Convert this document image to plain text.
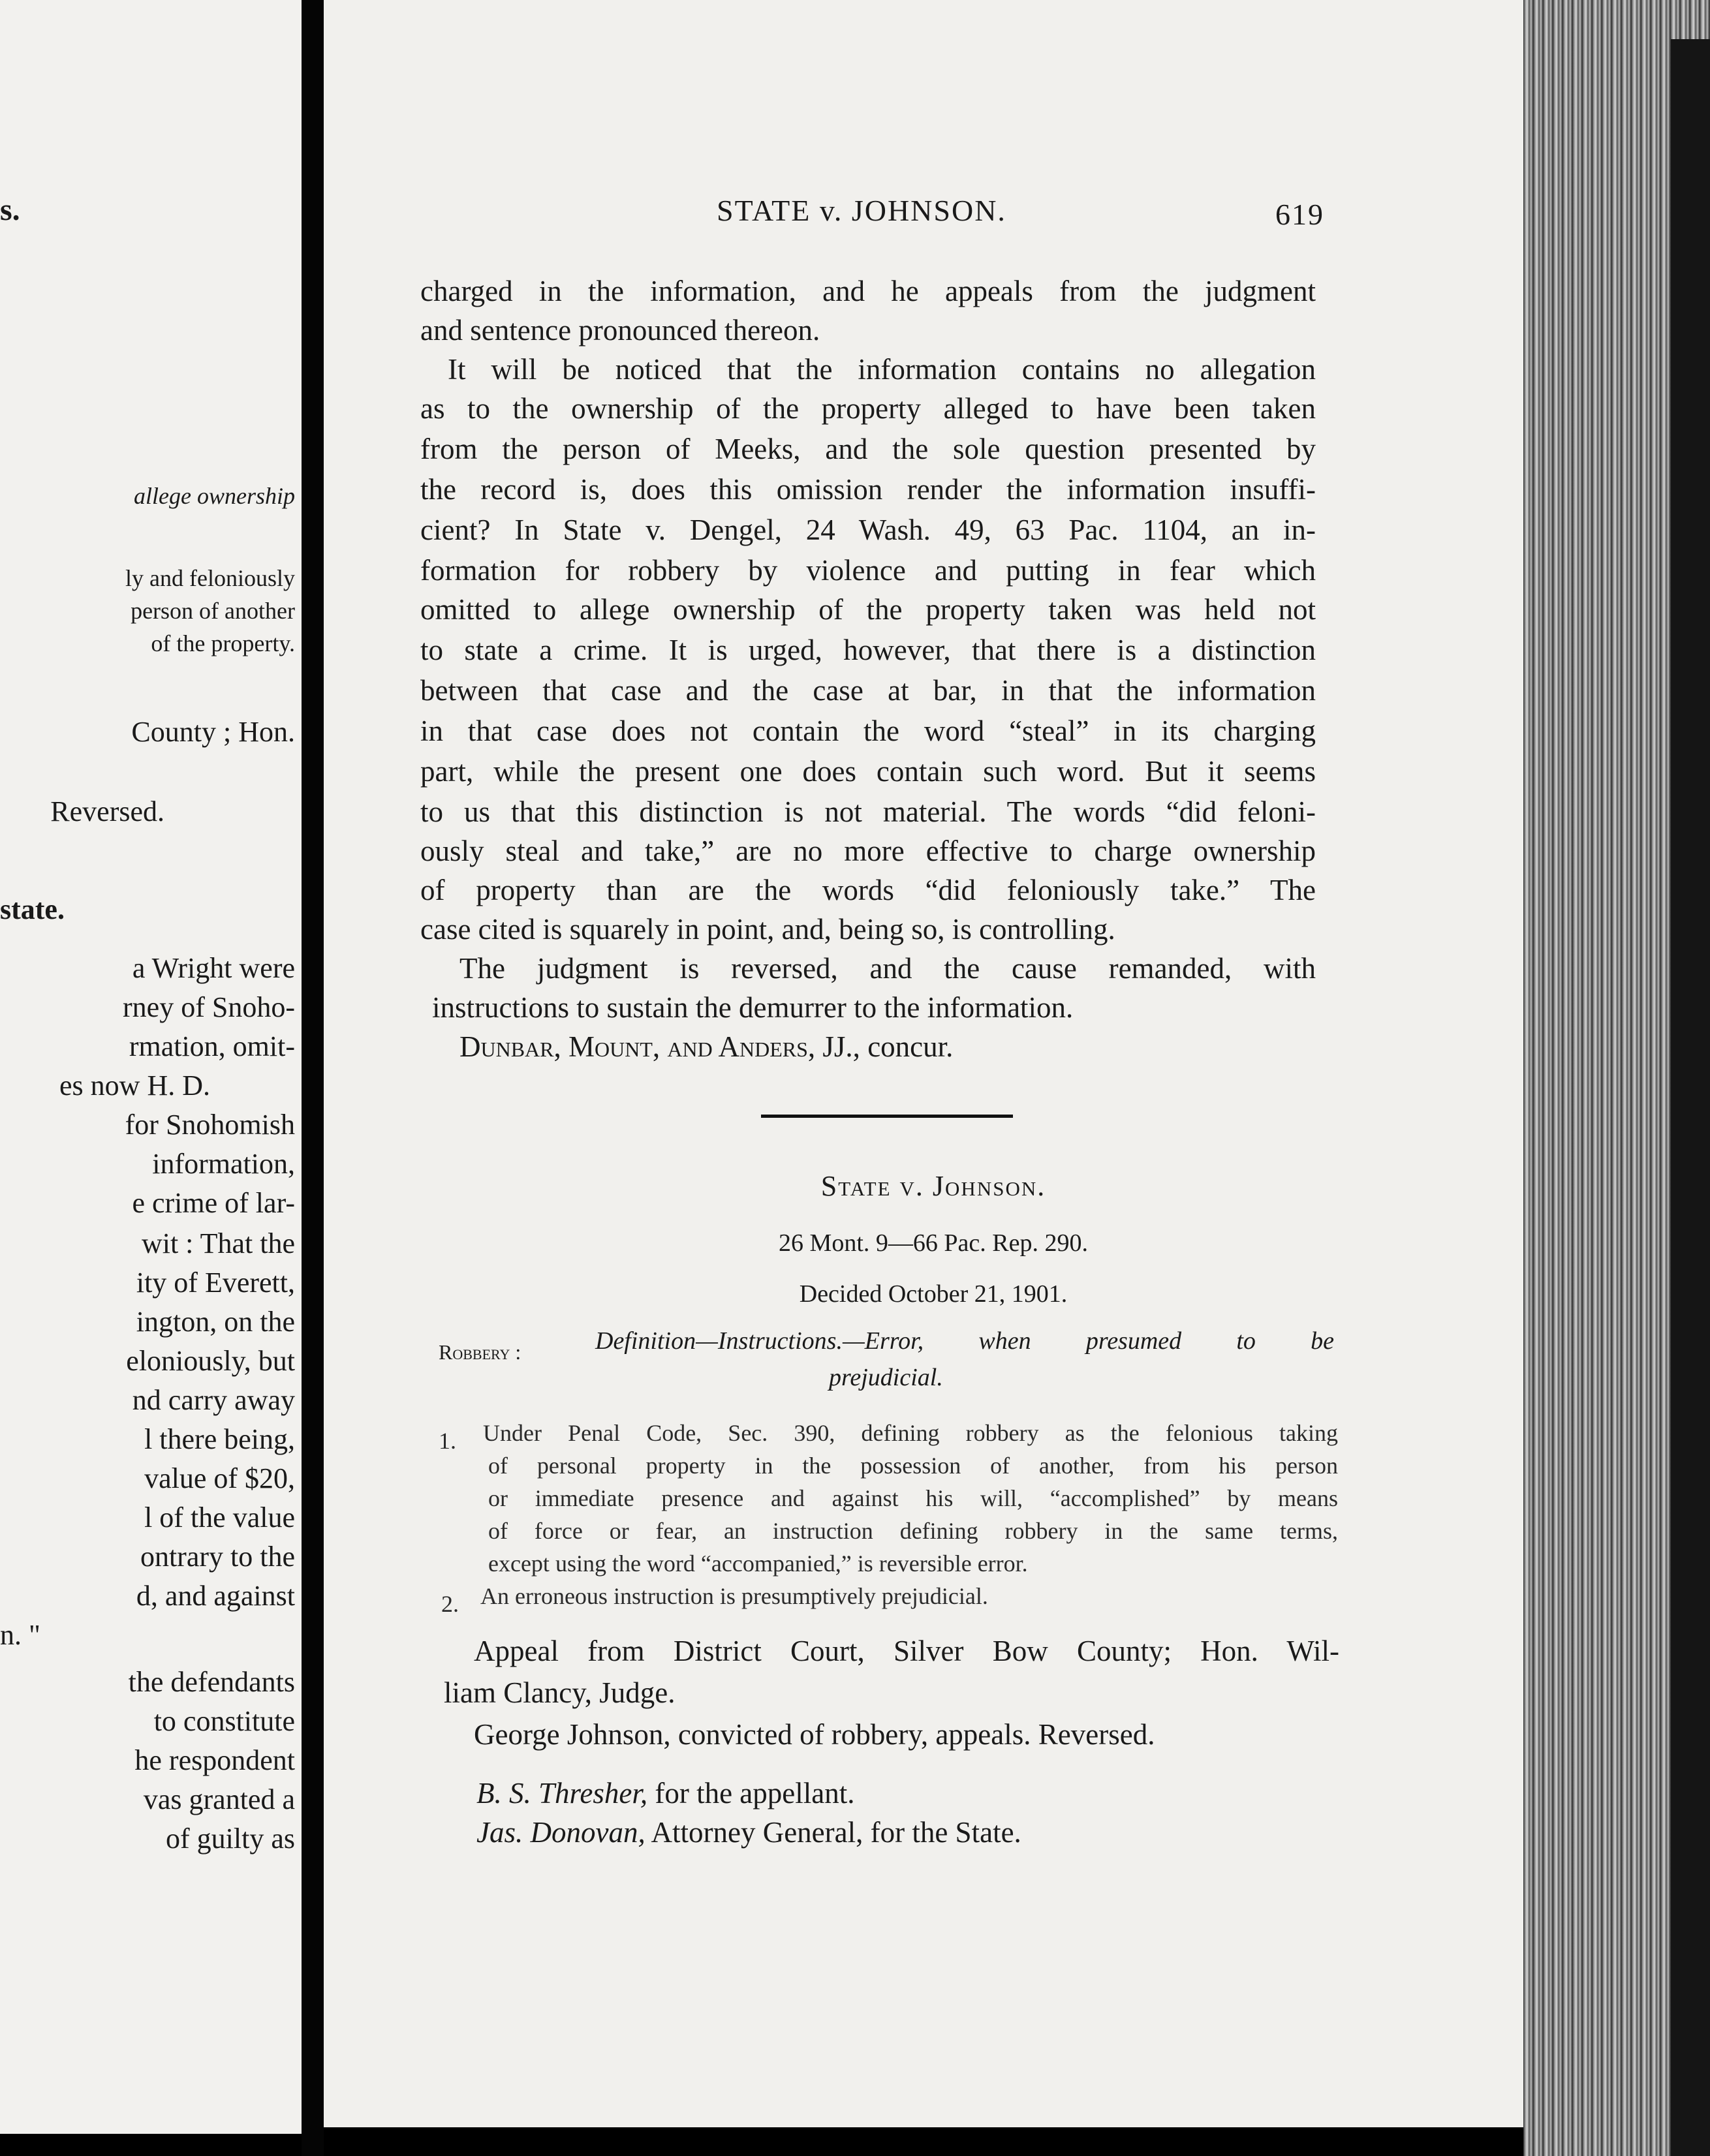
s.
allege ownership
ly and feloniously
person of another
of the property.
County ; Hon.
Reversed.
state.
a Wright were
rney of Snoho-
rmation, omit-
es now H. D.
for Snohomish
information,
e crime of lar-
wit : That the
ity of Everett,
ington, on the
eloniously, but
nd carry away
l there being,
value of $20,
l of the value
ontrary to the
d, and against
n. "
the defendants
to constitute
he respondent
vas granted a
of guilty as
STATE v. JOHNSON.	619
charged in the information, and he appeals from the judgment
and sentence pronounced thereon.
It will be noticed that the information contains no allegation
as to the ownership of the property alleged to have been taken
from the person of Meeks, and the sole question presented by
the record is, does this omission render the information insuffi-
cient? In State v. Dengel, 24 Wash. 49, 63 Pac. 1104, an in-
formation for robbery by violence and putting in fear which
omitted to allege ownership of the property taken was held not
to state a crime. It is urged, however, that there is a distinction
between that case and the case at bar, in that the information
in that case does not contain the word “steal” in its charging
part, while the present one does contain such word. But it seems
to us that this distinction is not material. The words “did feloni-
ously steal and take,” are no more effective to charge ownership
of property than are the words “did feloniously take.” The
case cited is squarely in point, and, being so, is controlling.
The judgment is reversed, and the cause remanded, with
instructions to sustain the demurrer to the information.
Dunbar, Mount, and Anders, JJ., concur.
State v. Johnson.
26 Mont. 9—66 Pac. Rep. 290.
Decided October 21, 1901.
Robbery :	Definition—Instructions.—Error, when presumed to be
prejudicial.
1. Under Penal Code, Sec. 390, defining robbery as the felonious taking
of personal property in the possession of another, from his person
or immediate presence and against his will, “accomplished” by means
of force or fear, an instruction defining robbery in the same terms,
except using the word “accompanied,” is reversible error.
2. An erroneous instruction is presumptively prejudicial.
Appeal from District Court, Silver Bow County; Hon. Wil-
liam Clancy, Judge.
George Johnson, convicted of robbery, appeals. Reversed.
B. S. Thresher, for the appellant.
Jas. Donovan, Attorney General, for the State.
